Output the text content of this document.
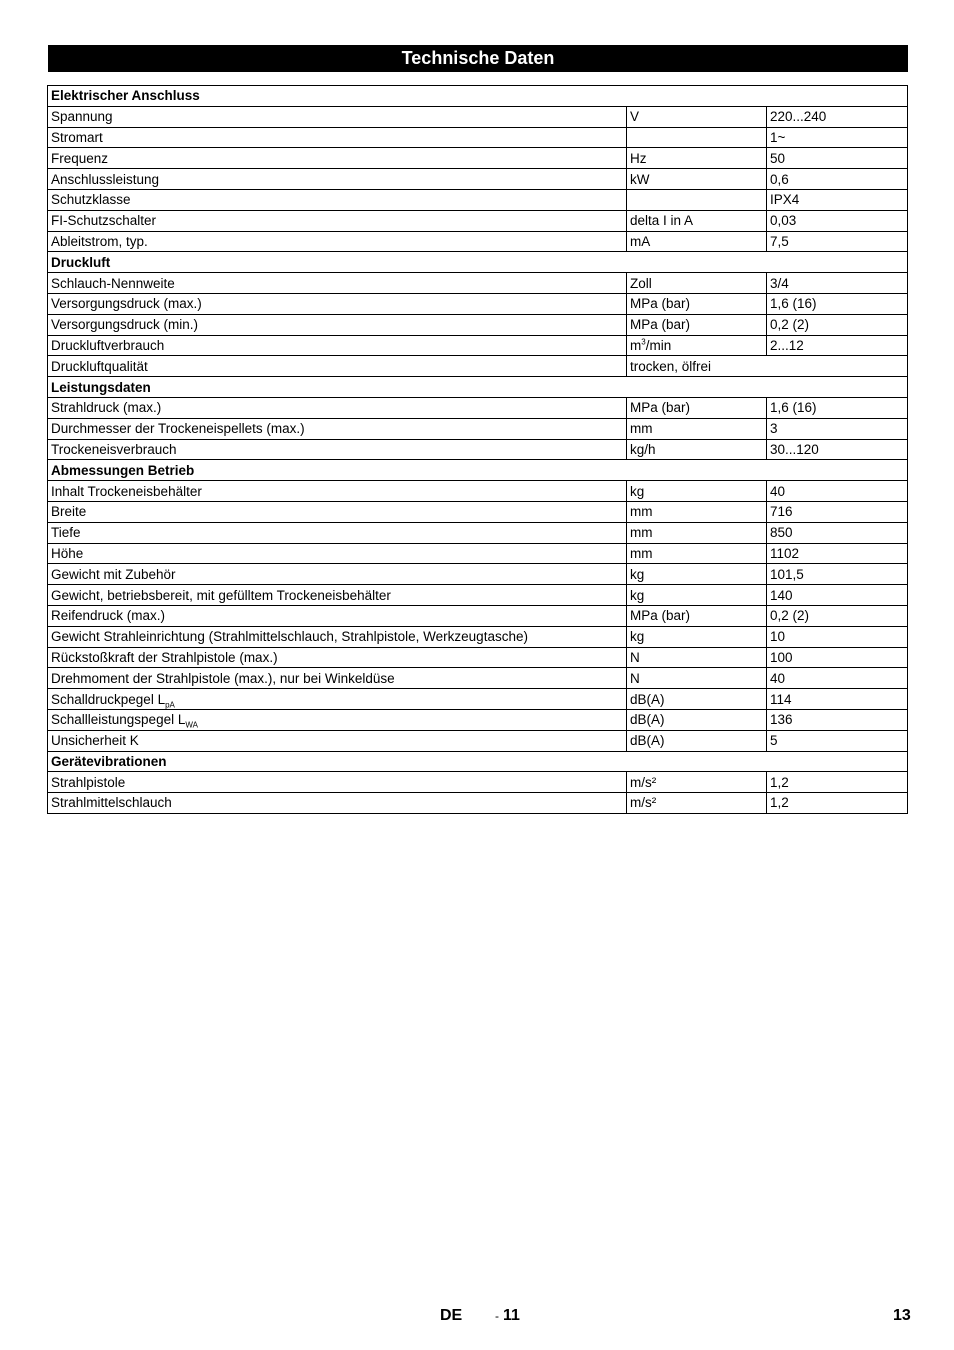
Technische Daten
Elektrischer Anschluss		
Spannung	V	220...240
Stromart		1~
Frequenz	Hz	50
Anschlussleistung	kW	0,6
Schutzklasse		IPX4
FI-Schutzschalter	delta I in A	0,03
Ableitstrom, typ.	mA	7,5
Druckluft		
Schlauch-Nennweite	Zoll	3/4
Versorgungsdruck (max.)	MPa (bar)	1,6 (16)
Versorgungsdruck (min.)	MPa (bar)	0,2 (2)
Druckluftverbrauch	$m^3/\min$	2...12
Druckluftqualität	trocken, ölfrei	
Leistungsdaten		
Strahldruck (max.)	MPa (bar)	1,6 (16)
Durchmesser der Trockeneispellets (max.)	mm	3
Trockeneisverbrauch	kg/h	30...120
Abmessungen Betrieb		
Inhalt Trockeneisbehälter	kg	40
Breite	mm	716
Tiefe	mm	850
Höhe	mm	1102
Gewicht mit Zubehör	kg	101,5
Gewicht, betriebsbereit, mit gefülltem Trockeneisbehälter	kg	140
Reifendruck (max.)	MPa (bar)	0,2 (2)
Gewicht Strahleinrichtung (Strahlmittelschlauch, Strahlpistole, Werkzeugtasche)	kg	10
Rückstoßkraft der Strahlpistole (max.)	N	100
Drehmoment der Strahlpistole (max.), nur bei Winkeldüse	N	40
Schalldruckpegel $L_{pA}$	dB(A)	114
Schallleistungspegel $L_{WA}$	dB(A)	136
Unsicherheit K	dB(A)	5
Gerätevibrationen		
Strahlpistole	m/s²	1,2
Strahlmittelschlauch	m/s²	1,2
DE	- 11	13
